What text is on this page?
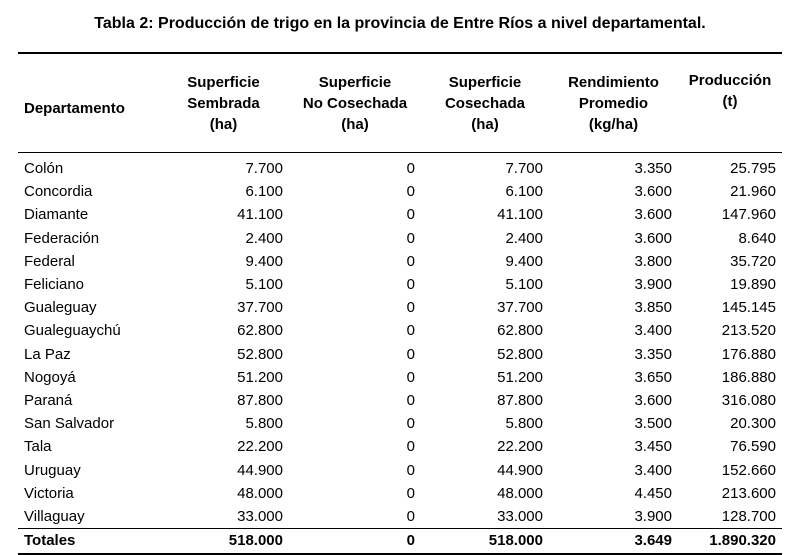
Tabla 2: Producción de trigo en la provincia de Entre Ríos a nivel departamental.
Departamento	Superficie
Sembrada
(ha)	Superficie
No Cosechada
(ha)	Superficie
Cosechada
(ha)	Rendimiento
Promedio
(kg/ha)	Producción
(t)
Colón	7.700	0	7.700	3.350	25.795
Concordia	6.100	0	6.100	3.600	21.960
Diamante	41.100	0	41.100	3.600	147.960
Federación	2.400	0	2.400	3.600	8.640
Federal	9.400	0	9.400	3.800	35.720
Feliciano	5.100	0	5.100	3.900	19.890
Gualeguay	37.700	0	37.700	3.850	145.145
Gualeguaychú	62.800	0	62.800	3.400	213.520
La Paz	52.800	0	52.800	3.350	176.880
Nogoyá	51.200	0	51.200	3.650	186.880
Paraná	87.800	0	87.800	3.600	316.080
San Salvador	5.800	0	5.800	3.500	20.300
Tala	22.200	0	22.200	3.450	76.590
Uruguay	44.900	0	44.900	3.400	152.660
Victoria	48.000	0	48.000	4.450	213.600
Villaguay	33.000	0	33.000	3.900	128.700
Totales	518.000	0	518.000	3.649	1.890.320
